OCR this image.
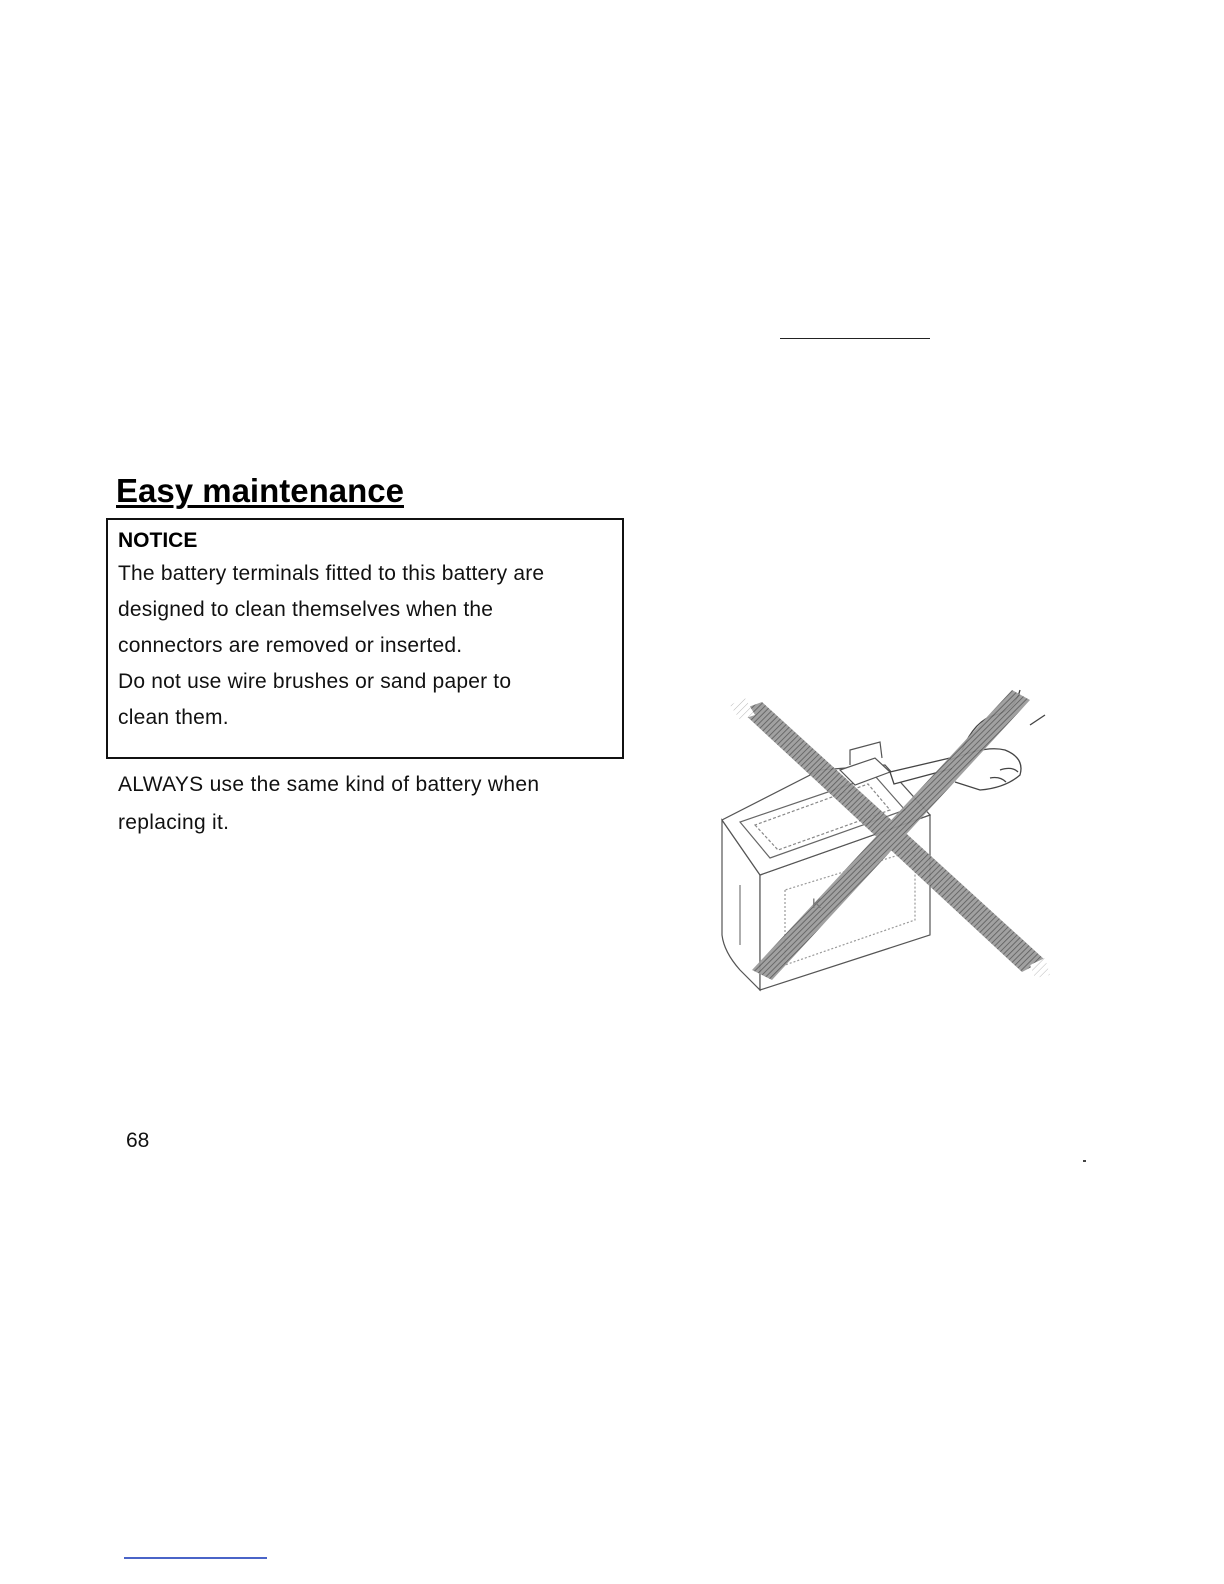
Easy maintenance
NOTICE
The battery terminals fitted to this battery are
designed to clean themselves when the
connectors are removed or inserted.
Do not use wire brushes or sand paper to
clean them.
ALWAYS use the same kind of battery when
replacing it.
K
68
